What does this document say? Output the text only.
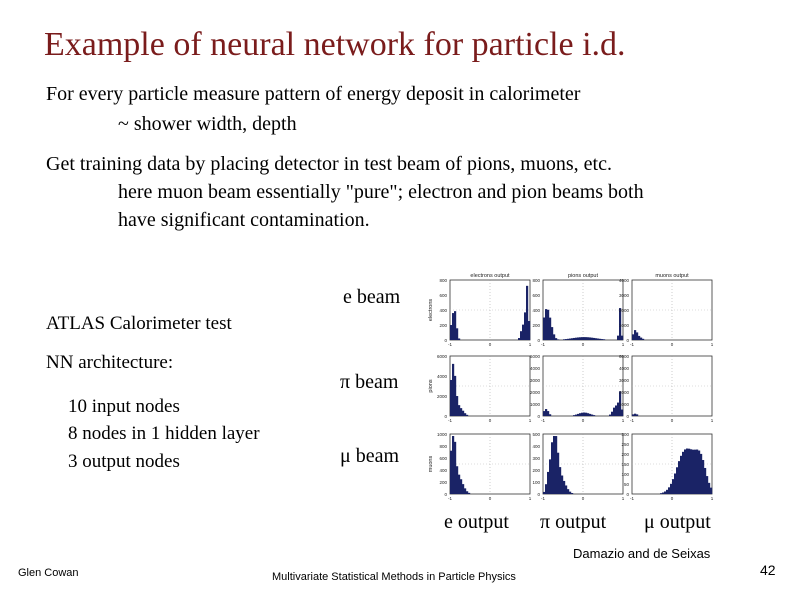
Example of neural network for particle i.d.
For every particle measure pattern of energy deposit in calorimeter
~ shower width, depth
Get training data by placing detector in test beam of pions, muons, etc.
here muon beam essentially "pure"; electron and pion beams both
have significant contamination.
ATLAS Calorimeter test
NN architecture:
10 input nodes
8 nodes in 1 hidden layer
3 output nodes
e beam
π beam
μ beam
800
600
400
200
0
-1	0	1
electrons output
electrons
800
600
400
200
0
-1	0	1
pions output
4000
3000
2000
1000
0
-1	0	1
muons output
6000
4000
2000
0
-1	0	1
pions
6000
4000
3000
2000
1000
0
-1	0	1
6000
4000
3000
2000
1000
0
-1	0	1
1000
800
600
400
200
0
-1	0	1
muons
500
400
300
200
100
0
-1	0	1
300
250
200
150
100
50
0
-1	0	1
e output π output μ output
Damazio and de Seixas
Glen Cowan	Multivariate Statistical Methods in Particle Physics	42
